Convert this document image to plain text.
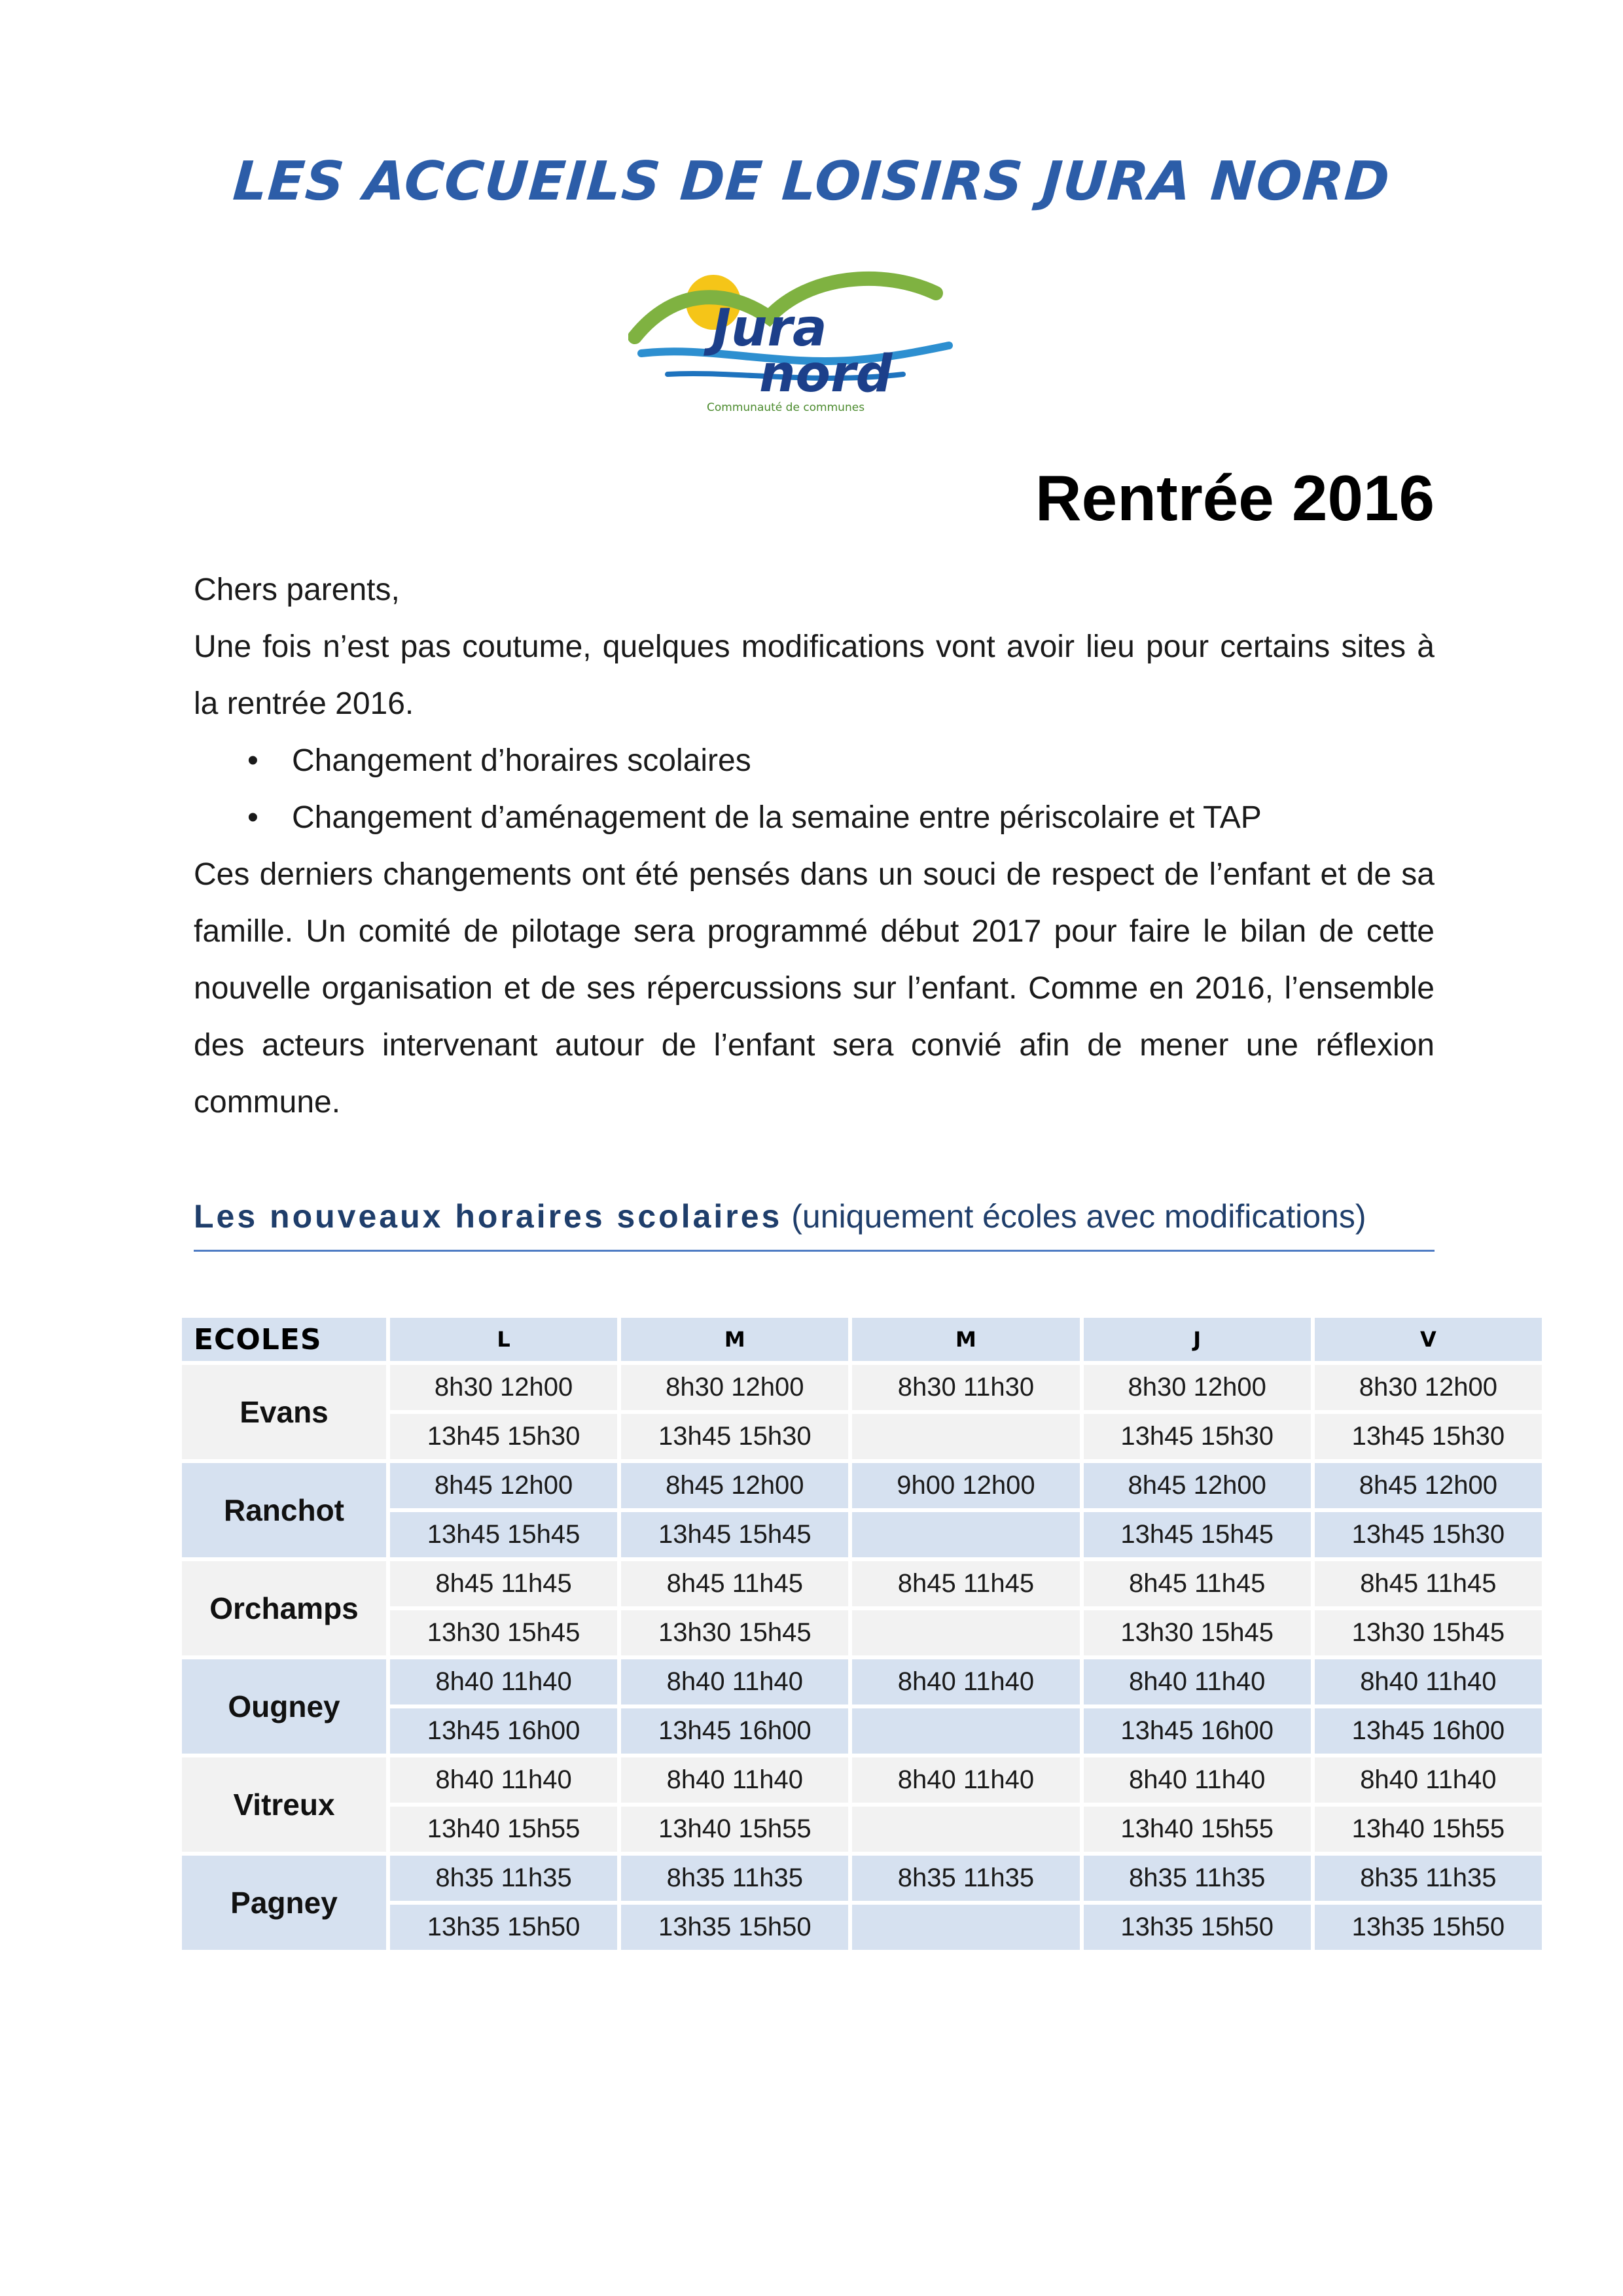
LES ACCUEILS DE LOISIRS JURA NORD
Jura
nord
Communauté de communes
Rentrée 2016

Chers parents,

Une fois n’est pas coutume, quelques modifications vont avoir lieu pour certains sites à la rentrée 2016.

• Changement d’horaires scolaires
• Changement d’aménagement de la semaine entre périscolaire et TAP

Ces derniers changements ont été pensés dans un souci de respect de l’enfant et de sa famille. Un comité de pilotage sera programmé début 2017 pour faire le bilan de cette nouvelle organisation et de ses répercussions sur l’enfant. Comme en 2016, l’ensemble des acteurs intervenant autour de l’enfant sera convié afin de mener une réflexion commune.

Les nouveaux horaires scolaires (uniquement écoles avec modifications)
ECOLES	L	M	M	J	V
Evans	8h30 12h00	8h30 12h00	8h30 11h30	8h30 12h00	8h30 12h00
	13h45 15h30	13h45 15h30		13h45 15h30	13h45 15h30
Ranchot	8h45 12h00	8h45 12h00	9h00 12h00	8h45 12h00	8h45 12h00
	13h45 15h45	13h45 15h45		13h45 15h45	13h45 15h30
Orchamps	8h45 11h45	8h45 11h45	8h45 11h45	8h45 11h45	8h45 11h45
	13h30 15h45	13h30 15h45		13h30 15h45	13h30 15h45
Ougney	8h40 11h40	8h40 11h40	8h40 11h40	8h40 11h40	8h40 11h40
	13h45 16h00	13h45 16h00		13h45 16h00	13h45 16h00
Vitreux	8h40 11h40	8h40 11h40	8h40 11h40	8h40 11h40	8h40 11h40
	13h40 15h55	13h40 15h55		13h40 15h55	13h40 15h55
Pagney	8h35 11h35	8h35 11h35	8h35 11h35	8h35 11h35	8h35 11h35
	13h35 15h50	13h35 15h50		13h35 15h50	13h35 15h50
